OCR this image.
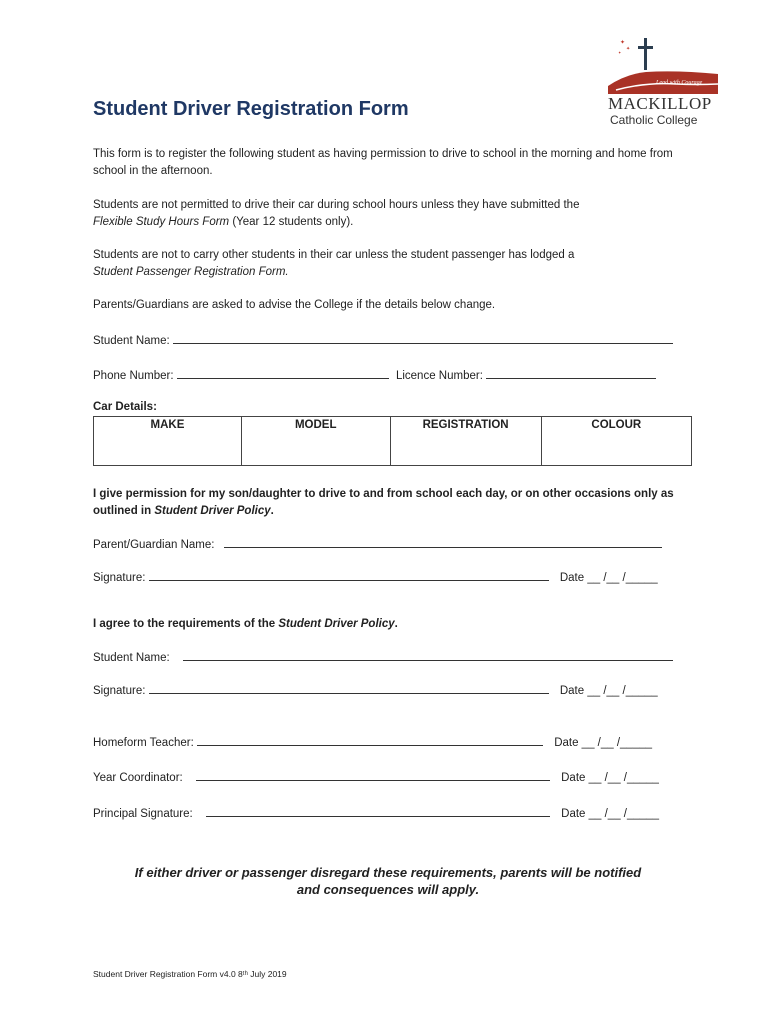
✦
✦
✦
Lead with Courage
MACKILLOP
Catholic College
Student Driver Registration Form
This form is to register the following student as having permission to drive to school in the morning and home from school in the afternoon.
Students are not permitted to drive their car during school hours unless they have submitted the
Flexible Study Hours Form (Year 12 students only).
Students are not to carry other students in their car unless the student passenger has lodged a
Student Passenger Registration Form.
Parents/Guardians are asked to advise the College if the details below change.
Student Name:
Phone Number:	Licence Number:
Car Details:
MAKE	MODEL	REGISTRATION	COLOUR
I give permission for my son/daughter to drive to and from school each day, or on other occasions only as outlined in Student Driver Policy.
Parent/Guardian Name:
Signature:	Date __ /__ /_____
I agree to the requirements of the Student Driver Policy.
Student Name:
Signature:	Date __ /__ /_____
Homeform Teacher:	Date __ /__ /_____
Year Coordinator:	Date __ /__ /_____
Principal Signature:	Date __ /__ /_____
If either driver or passenger disregard these requirements, parents will be notified
and consequences will apply.
Student Driver Registration Form v4.0 8ᵗʰ July 2019
